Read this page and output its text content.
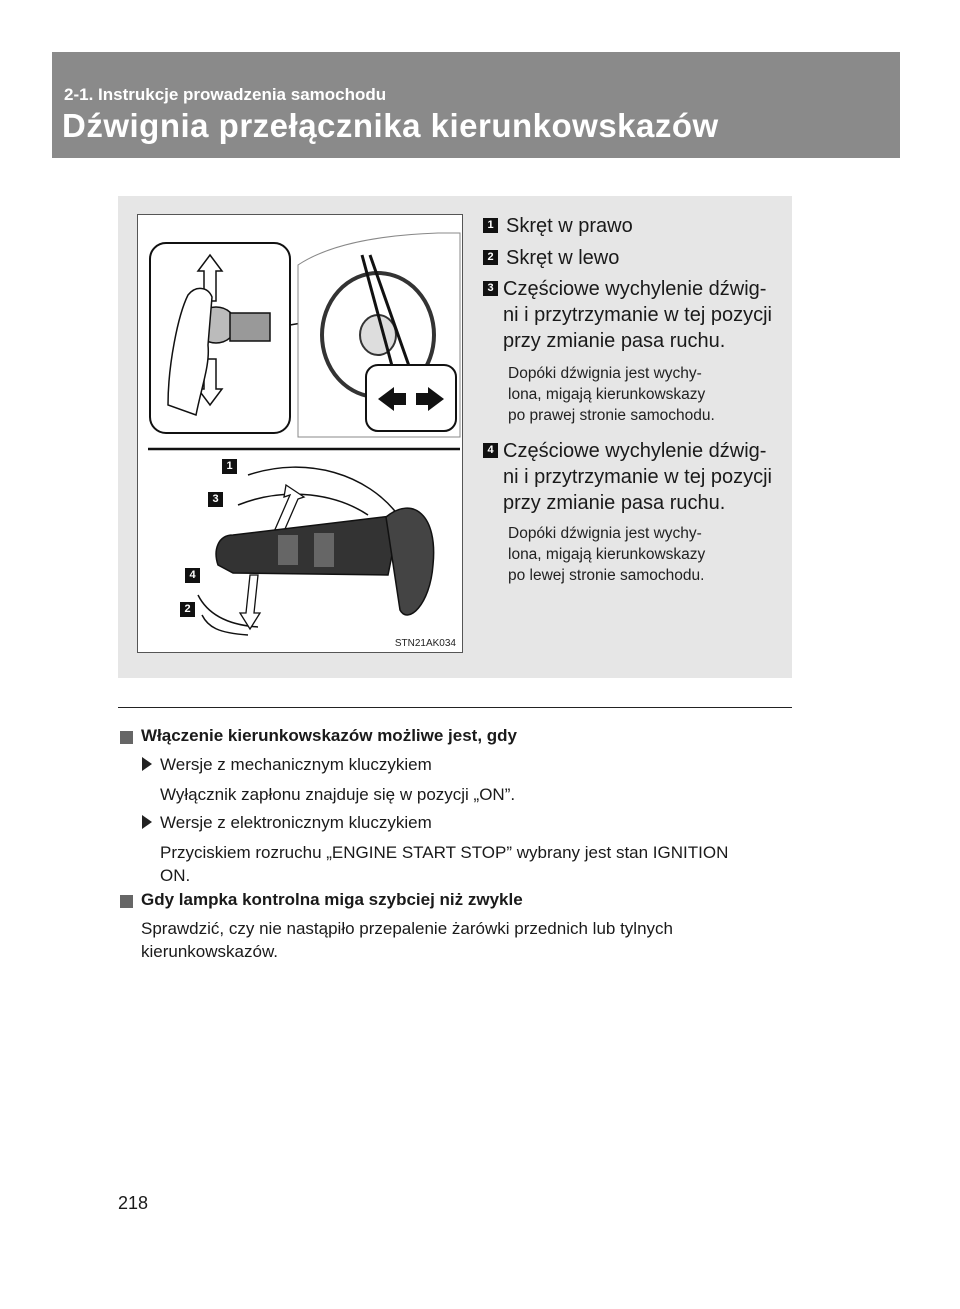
2-1. Instrukcje prowadzenia samochodu
Dźwignia przełącznika kierunkowskazów
1
3
4
2
STN21AK034
1 Skręt w prawo
2 Skręt w lewo
3 Częściowe wychylenie dźwig-
ni i przytrzymanie w tej pozycji
przy zmianie pasa ruchu.
Dopóki dźwignia jest wychy-
lona, migają kierunkowskazy
po prawej stronie samochodu.
4 Częściowe wychylenie dźwig-
ni i przytrzymanie w tej pozycji
przy zmianie pasa ruchu.
Dopóki dźwignia jest wychy-
lona, migają kierunkowskazy
po lewej stronie samochodu.
Włączenie kierunkowskazów możliwe jest, gdy
Wersje z mechanicznym kluczykiem
Wyłącznik zapłonu znajduje się w pozycji „ON”.
Wersje z elektronicznym kluczykiem
Przyciskiem rozruchu „ENGINE START STOP” wybrany jest stan IGNITION
ON.
Gdy lampka kontrolna miga szybciej niż zwykle
Sprawdzić, czy nie nastąpiło przepalenie żarówki przednich lub tylnych
kierunkowskazów.
218
